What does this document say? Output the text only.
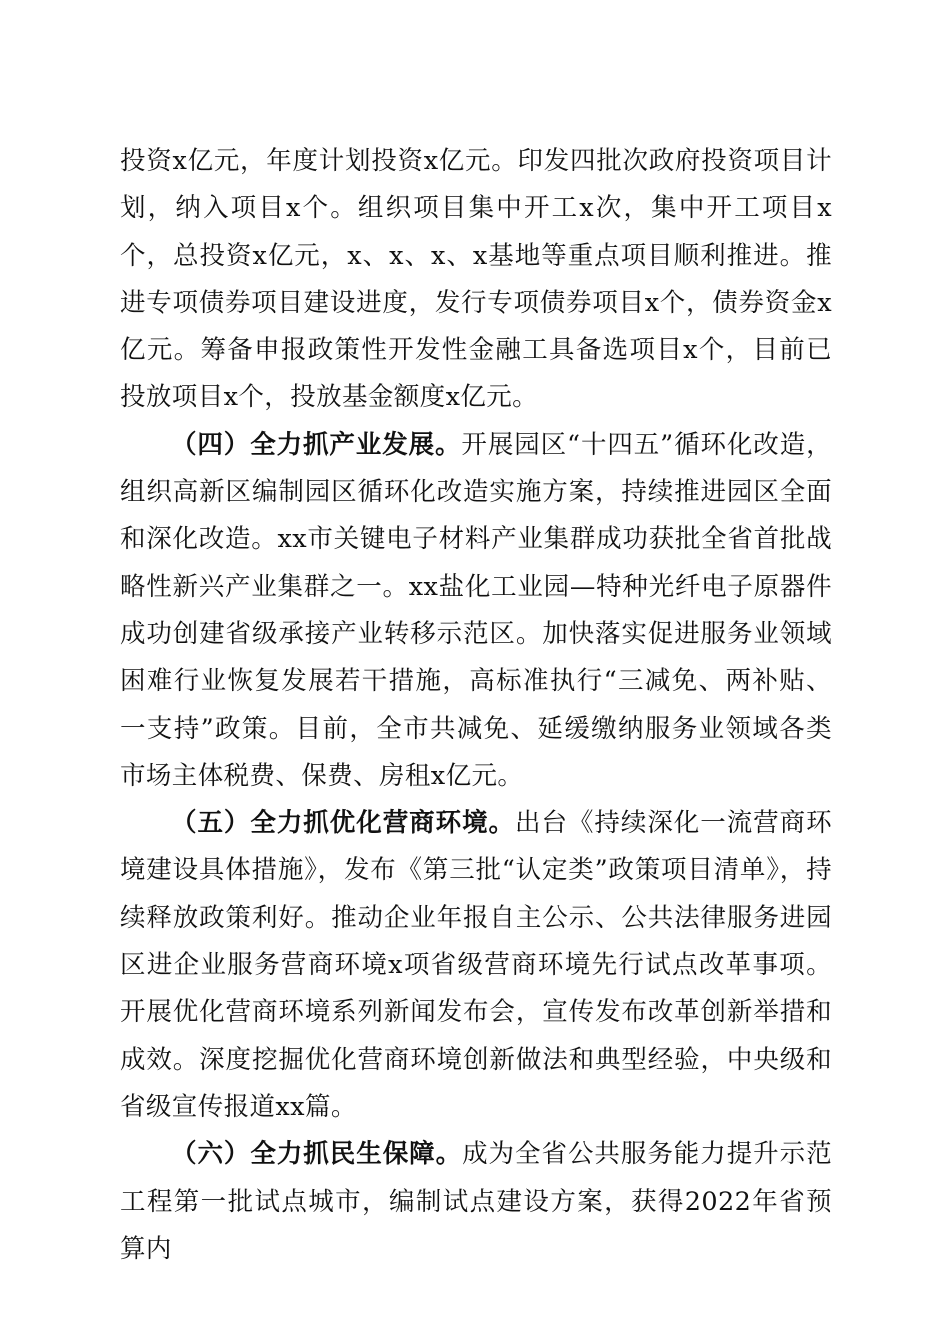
投资x亿元，年度计划投资x亿元。印发四批次政府投资项目计划，纳入项目x个。组织项目集中开工x次，集中开工项目x个，总投资x亿元，x、x、x、x基地等重点项目顺利推进。推进专项债券项目建设进度，发行专项债券项目x个，债券资金x亿元。筹备申报政策性开发性金融工具备选项目x个，目前已投放项目x个，投放基金额度x亿元。

（四）全力抓产业发展。开展园区“十四五”循环化改造，组织高新区编制园区循环化改造实施方案，持续推进园区全面和深化改造。xx市关键电子材料产业集群成功获批全省首批战略性新兴产业集群之一。xx盐化工业园—特种光纤电子原器件成功创建省级承接产业转移示范区。加快落实促进服务业领域困难行业恢复发展若干措施，高标准执行“三减免、两补贴、一支持”政策。目前，全市共减免、延缓缴纳服务业领域各类市场主体税费、保费、房租x亿元。

（五）全力抓优化营商环境。出台《持续深化一流营商环境建设具体措施》，发布《第三批“认定类”政策项目清单》，持续释放政策利好。推动企业年报自主公示、公共法律服务进园区进企业服务营商环境x项省级营商环境先行试点改革事项。开展优化营商环境系列新闻发布会，宣传发布改革创新举措和成效。深度挖掘优化营商环境创新做法和典型经验，中央级和省级宣传报道xx篇。

（六）全力抓民生保障。成为全省公共服务能力提升示范工程第一批试点城市，编制试点建设方案，获得2022年省预算内
